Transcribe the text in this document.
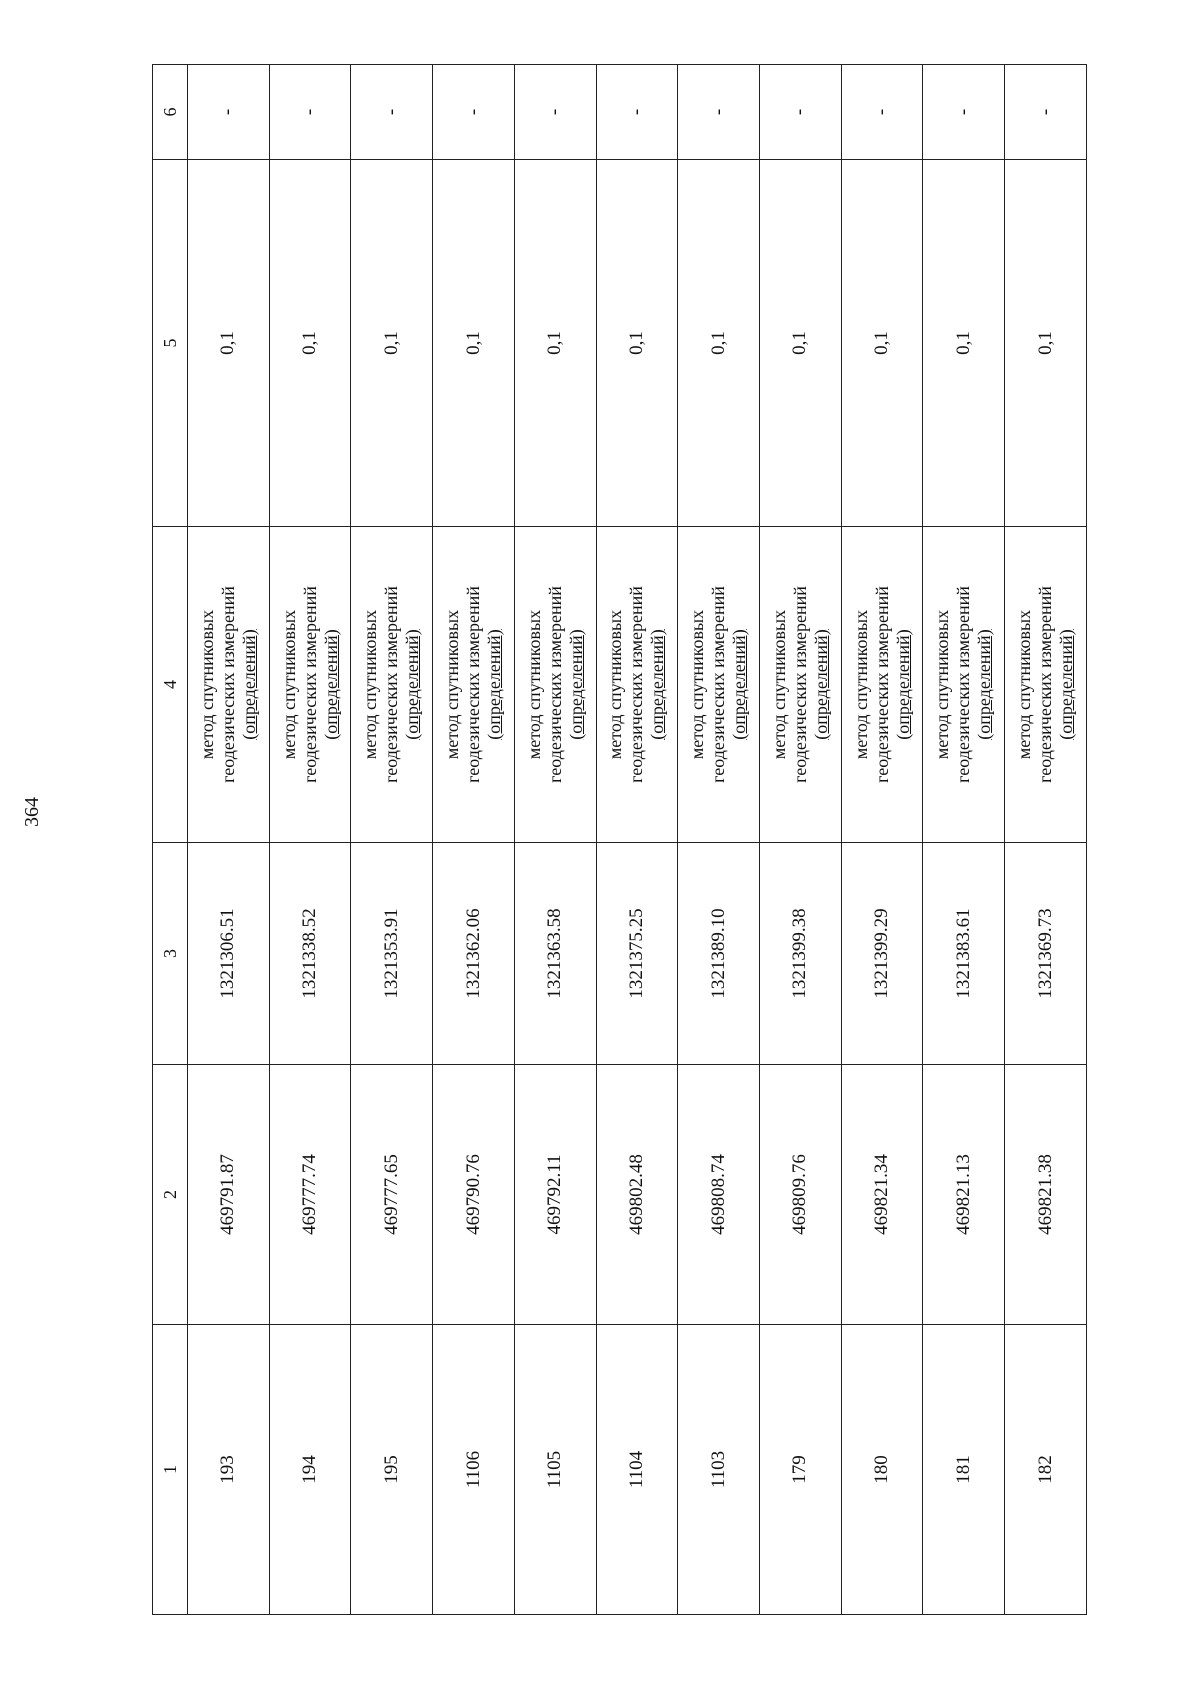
364
1	2	3	4	5	6
193	469791.87	1321306.51	метод спутниковых геодезических измерений (определений)	0,1	-
194	469777.74	1321338.52	метод спутниковых геодезических измерений (определений)	0,1	-
195	469777.65	1321353.91	метод спутниковых геодезических измерений (определений)	0,1	-
1106	469790.76	1321362.06	метод спутниковых геодезических измерений (определений)	0,1	-
1105	469792.11	1321363.58	метод спутниковых геодезических измерений (определений)	0,1	-
1104	469802.48	1321375.25	метод спутниковых геодезических измерений (определений)	0,1	-
1103	469808.74	1321389.10	метод спутниковых геодезических измерений (определений)	0,1	-
179	469809.76	1321399.38	метод спутниковых геодезических измерений (определений)	0,1	-
180	469821.34	1321399.29	метод спутниковых геодезических измерений (определений)	0,1	-
181	469821.13	1321383.61	метод спутниковых геодезических измерений (определений)	0,1	-
182	469821.38	1321369.73	метод спутниковых геодезических измерений (определений)	0,1	-
